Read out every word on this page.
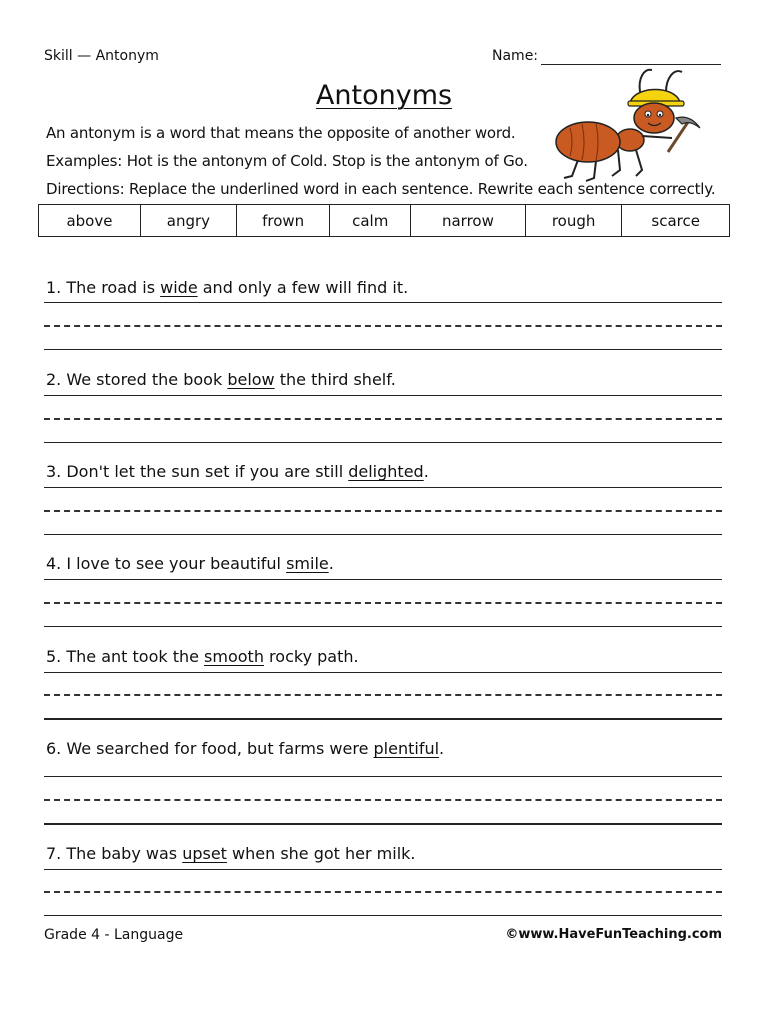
Skill — Antonym	Name:
Antonyms
An antonym is a word that means the opposite of another word.
Examples: Hot is the antonym of Cold. Stop is the antonym of Go.
Directions: Replace the underlined word in each sentence. Rewrite each sentence correctly.
above	angry	frown	calm	narrow	rough	scarce
1. The road is wide and only a few will find it.
2. We stored the book below the third shelf.
3. Don't let the sun set if you are still delighted.
4. I love to see your beautiful smile.
5. The ant took the smooth rocky path.
6. We searched for food, but farms were plentiful.
7. The baby was upset when she got her milk.
Grade 4 - Language	©www.HaveFunTeaching.com
